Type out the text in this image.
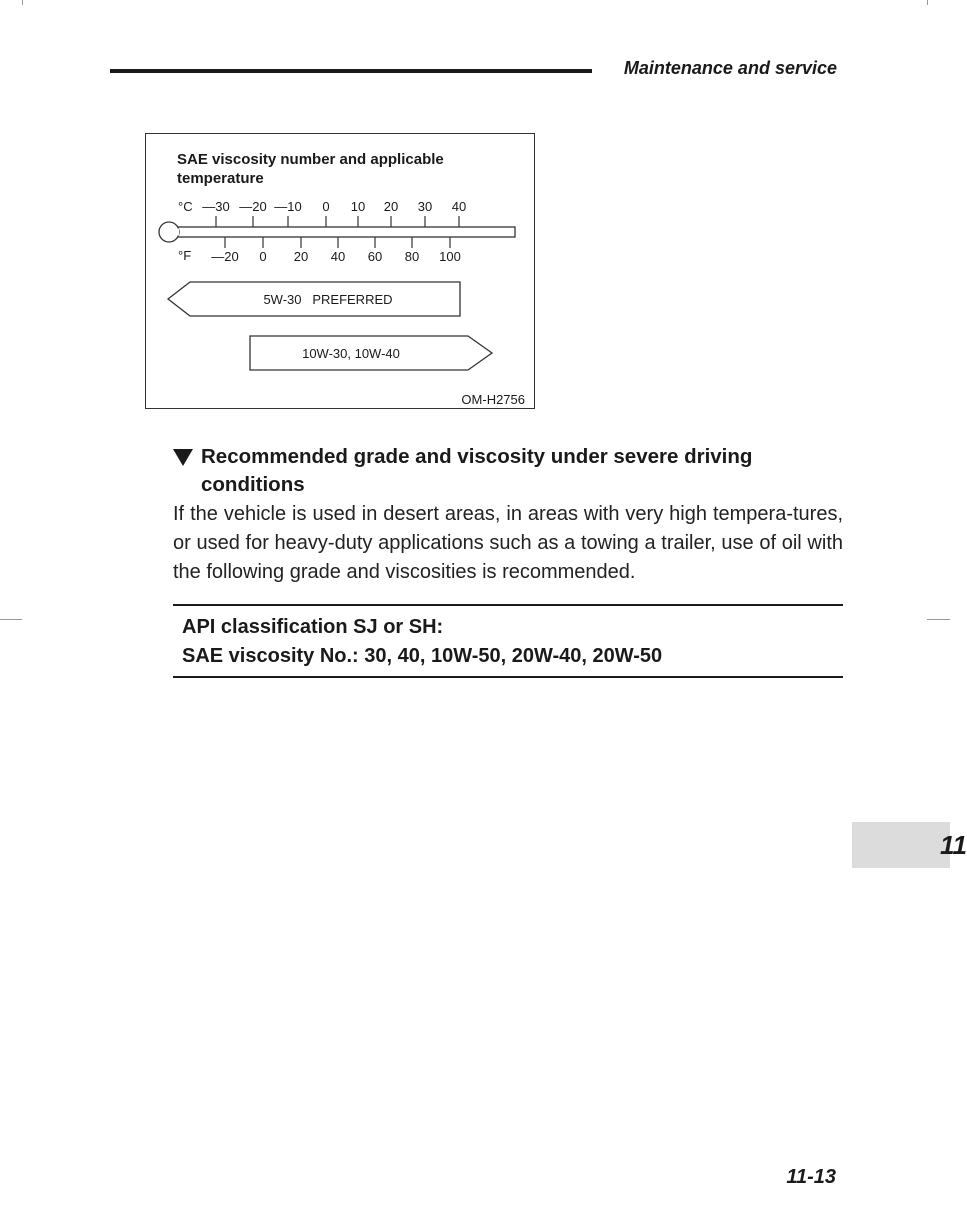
Maintenance and service
SAE viscosity number and applicable
temperature
°C —30 —20 —10 0 10 20 30 40
°F —20 0 20 40 60 80 100
5W-30   PREFERRED
10W-30, 10W-40
OM-H2756
Recommended grade and viscosity under severe driving
conditions
If the vehicle is used in desert areas, in areas with very high tempera-tures, or used for heavy-duty applications such as a towing a trailer, use of oil with the following grade and viscosities is recommended.
API classification SJ or SH:
SAE viscosity No.: 30, 40, 10W-50, 20W-40, 20W-50
11
11-13
